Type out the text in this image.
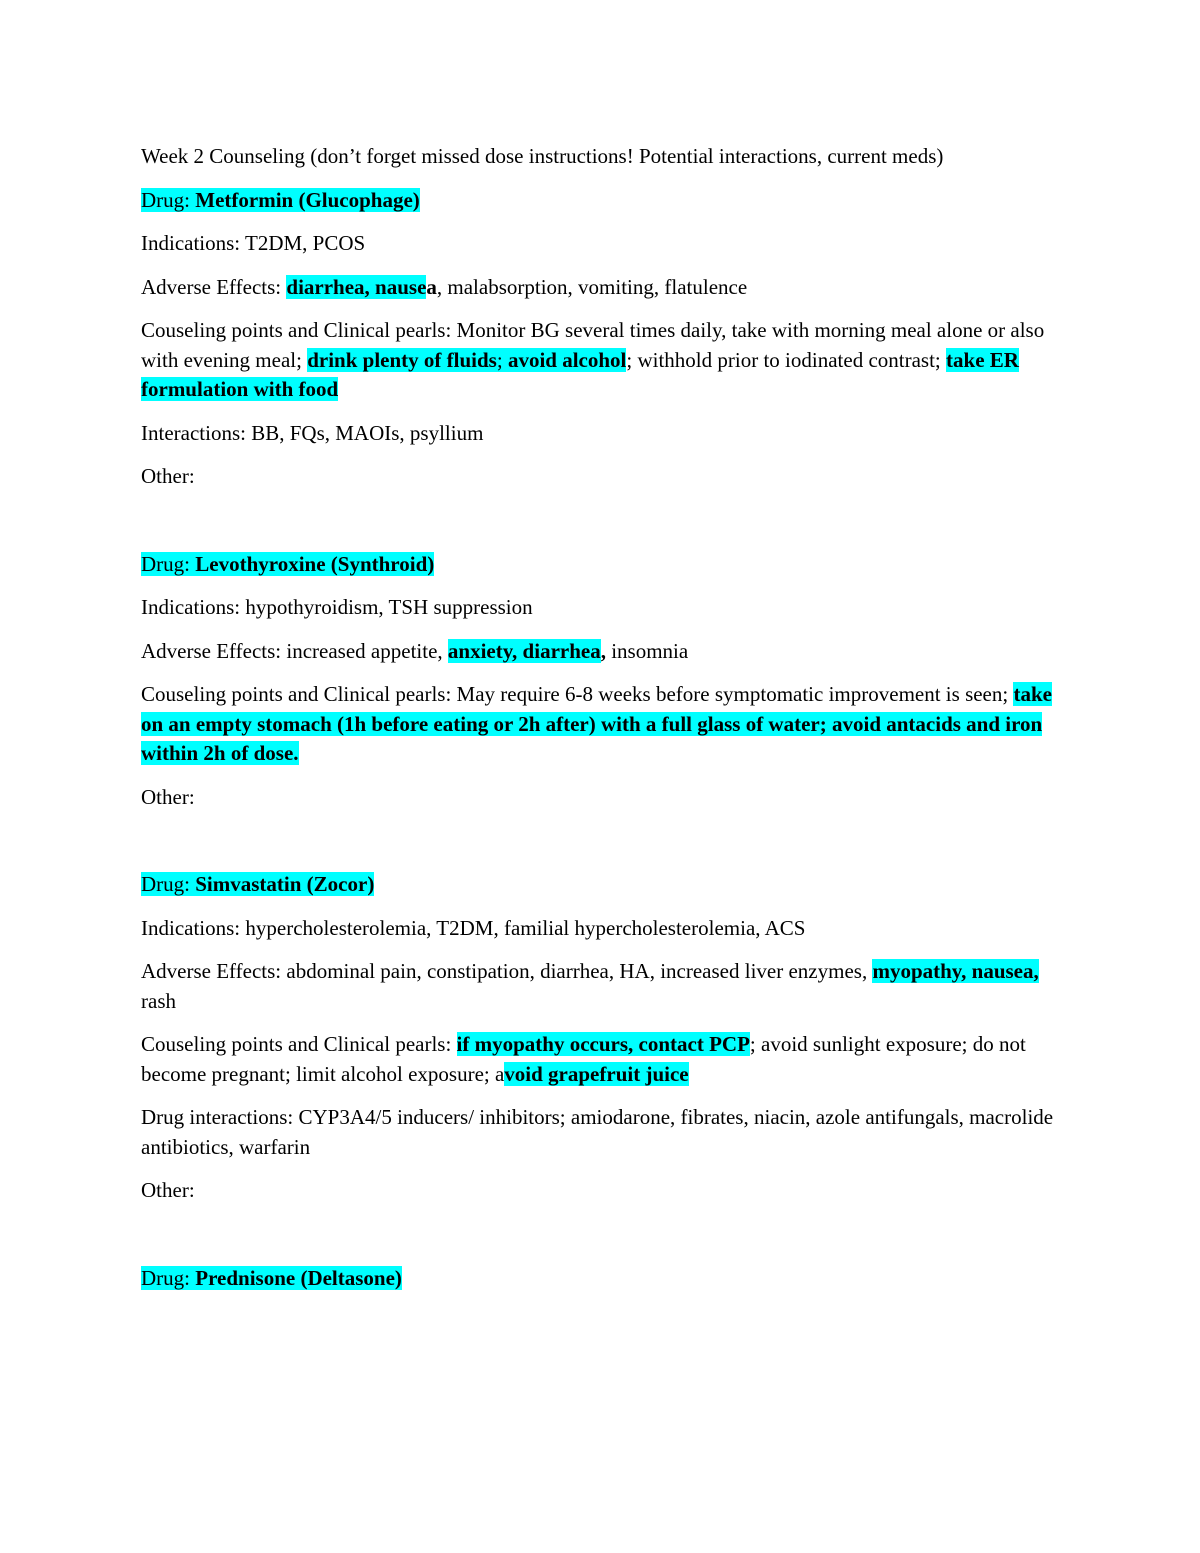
Week 2 Counseling (don’t forget missed dose instructions! Potential interactions, current meds)

Drug: Metformin (Glucophage)

Indications: T2DM, PCOS

Adverse Effects: diarrhea, nausea, malabsorption, vomiting, flatulence

Couseling points and Clinical pearls: Monitor BG several times daily, take with morning meal alone or also with evening meal; drink plenty of fluids; avoid alcohol; withhold prior to iodinated contrast; take ER formulation with food

Interactions: BB, FQs, MAOIs, psyllium

Other:

Drug: Levothyroxine (Synthroid)

Indications: hypothyroidism, TSH suppression

Adverse Effects: increased appetite, anxiety, diarrhea, insomnia

Couseling points and Clinical pearls: May require 6-8 weeks before symptomatic improvement is seen; take on an empty stomach (1h before eating or 2h after) with a full glass of water; avoid antacids and iron within 2h of dose.

Other:

Drug: Simvastatin (Zocor)

Indications: hypercholesterolemia, T2DM, familial hypercholesterolemia, ACS

Adverse Effects: abdominal pain, constipation, diarrhea, HA, increased liver enzymes, myopathy, nausea, rash

Couseling points and Clinical pearls: if myopathy occurs, contact PCP; avoid sunlight exposure; do not become pregnant; limit alcohol exposure; avoid grapefruit juice

Drug interactions: CYP3A4/5 inducers/ inhibitors; amiodarone, fibrates, niacin, azole antifungals, macrolide antibiotics, warfarin

Other:

Drug: Prednisone (Deltasone)
